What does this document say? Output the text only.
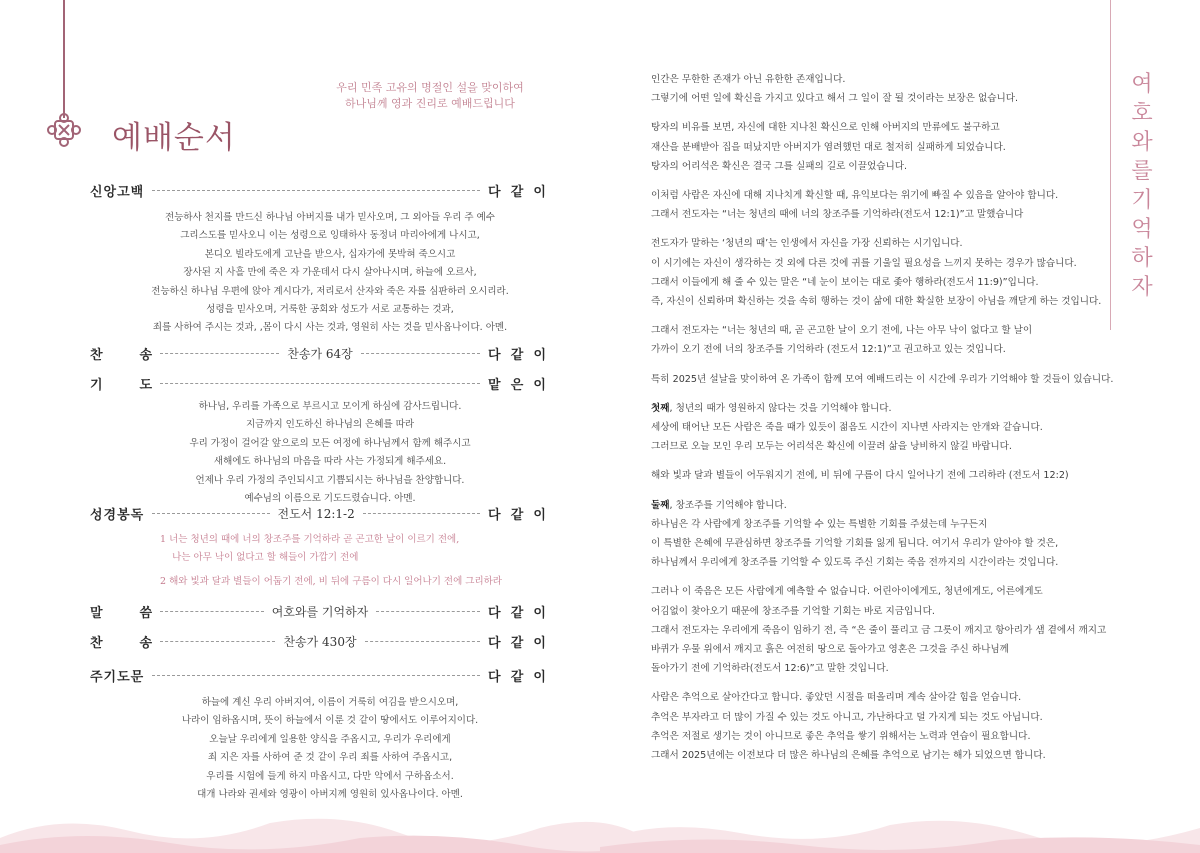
우리 민족 고유의 명절인 설을 맞이하여

하나님께 영과 진리로 예배드립니다

예배순서
신앙고백	다 같 이

전능하사 천지를 만드신 하나님 아버지를 내가 믿사오며, 그 외아들 우리 주 예수

그리스도를 믿사오니 이는 성령으로 잉태하사 동정녀 마리아에게 나시고,

본디오 빌라도에게 고난을 받으사, 십자가에 못박혀 죽으시고

장사된 지 사흘 만에 죽은 자 가운데서 다시 살아나시며, 하늘에 오르사,

전능하신 하나님 우편에 앉아 계시다가, 저리로서 산자와 죽은 자를 심판하러 오시리라.

성령을 믿사오며, 거룩한 공회와 성도가 서로 교통하는 것과,

죄를 사하여 주시는 것과, ,몸이 다시 사는 것과, 영원히 사는 것을 믿사옵나이다. 아멘.

찬	송	찬송가 64장	다 같 이
기	도	맡 은 이

하나님, 우리를 가족으로 부르시고 모이게 하심에 감사드립니다.

지금까지 인도하신 하나님의 은혜를 따라

우리 가정이 걸어갈 앞으로의 모든 여정에 하나님께서 함께 해주시고

새해에도 하나님의 마음을 따라 사는 가정되게 해주세요.

언제나 우리 가정의 주인되시고 기쁨되시는 하나님을 찬양합니다.

예수님의 이름으로 기도드렸습니다. 아멘.

성경봉독	전도서 12:1-2	다 같 이

1 너는 청년의 때에 너의 창조주를 기억하라 곧 곤고한 날이 이르기 전에,

나는 아무 낙이 없다고 할 해들이 가깝기 전에

2 해와 빛과 달과 별들이 어둡기 전에, 비 뒤에 구름이 다시 일어나기 전에 그리하라

말	씀	여호와를 기억하자	다 같 이
찬	송	찬송가 430장	다 같 이
주기도문	다 같 이

하늘에 계신 우리 아버지여, 이름이 거룩히 여김을 받으시오며,

나라이 임하옵시며, 뜻이 하늘에서 이룬 것 같이 땅에서도 이루어지이다.

오늘날 우리에게 일용한 양식을 주옵시고, 우리가 우리에게

죄 지은 자를 사하여 준 것 같이 우리 죄를 사하여 주옵시고,

우리를 시험에 들게 하지 마옵시고, 다만 악에서 구하옵소서.

대개 나라와 권세와 영광이 아버지께 영원히 있사옵나이다. 아멘.

여
호
와
를
기
억
하
자

인간은 무한한 존재가 아닌 유한한 존재입니다.

그렇기에 어떤 일에 확신을 가지고 있다고 해서 그 일이 잘 될 것이라는 보장은 없습니다.

탕자의 비유를 보면, 자신에 대한 지나친 확신으로 인해 아버지의 만류에도 불구하고

재산을 분배받아 집을 떠났지만 아버지가 염려했던 대로 철저히 실패하게 되었습니다.

탕자의 어리석은 확신은 결국 그를 실패의 길로 이끌었습니다.

이처럼 사람은 자신에 대해 지나치게 확신할 때, 유익보다는 위기에 빠질 수 있음을 알아야 합니다.

그래서 전도자는 “너는 청년의 때에 너의 창조주를 기억하라(전도서 12:1)”고 말했습니다

전도자가 말하는 ‘청년의 때’는 인생에서 자신을 가장 신뢰하는 시기입니다.

이 시기에는 자신이 생각하는 것 외에 다른 것에 귀를 기울일 필요성을 느끼지 못하는 경우가 많습니다.

그래서 이들에게 해 줄 수 있는 말은 “네 눈이 보이는 대로 좇아 행하라(전도서 11:9)”입니다.

즉, 자신이 신뢰하며 확신하는 것을 속히 행하는 것이 삶에 대한 확실한 보장이 아님을 깨닫게 하는 것입니다.

그래서 전도자는 “너는 청년의 때, 곧 곤고한 날이 오기 전에, 나는 아무 낙이 없다고 할 날이

가까이 오기 전에 너의 창조주를 기억하라 (전도서 12:1)”고 권고하고 있는 것입니다.

특히 2025년 설날을 맞이하여 온 가족이 함께 모여 예배드리는 이 시간에 우리가 기억해야 할 것들이 있습니다.

첫째, 청년의 때가 영원하지 않다는 것을 기억해야 합니다.

세상에 태어난 모든 사람은 죽을 때가 있듯이 젊음도 시간이 지나면 사라지는 안개와 같습니다.

그러므로 오늘 모인 우리 모두는 어리석은 확신에 이끌려 삶을 낭비하지 않길 바랍니다.

해와 빛과 달과 별들이 어두워지기 전에, 비 뒤에 구름이 다시 일어나기 전에 그리하라 (전도서 12:2)

둘째, 창조주를 기억해야 합니다.

하나님은 각 사람에게 창조주를 기억할 수 있는 특별한 기회를 주셨는데 누구든지

이 특별한 은혜에 무관심하면 창조주를 기억할 기회를 잃게 됩니다. 여기서 우리가 알아야 할 것은,

하나님께서 우리에게 창조주를 기억할 수 있도록 주신 기회는 죽음 전까지의 시간이라는 것입니다.

그러나 이 죽음은 모든 사람에게 예측할 수 없습니다. 어린아이에게도, 청년에게도, 어른에게도

어김없이 찾아오기 때문에 창조주를 기억할 기회는 바로 지금입니다.

그래서 전도자는 우리에게 죽음이 임하기 전, 즉 “은 줄이 풀리고 금 그릇이 깨지고 항아리가 샘 곁에서 깨지고

바퀴가 우물 위에서 깨지고 흙은 여전히 땅으로 돌아가고 영혼은 그것을 주신 하나님께

돌아가기 전에 기억하라(전도서 12:6)”고 말한 것입니다.

사람은 추억으로 살아간다고 합니다. 좋았던 시절을 떠올리며 계속 살아갈 힘을 얻습니다.

추억은 부자라고 더 많이 가질 수 있는 것도 아니고, 가난하다고 덜 가지게 되는 것도 아닙니다.

추억은 저절로 생기는 것이 아니므로 좋은 추억을 쌓기 위해서는 노력과 연습이 필요합니다.

그래서 2025년에는 이전보다 더 많은 하나님의 은혜를 추억으로 남기는 해가 되었으면 합니다.
